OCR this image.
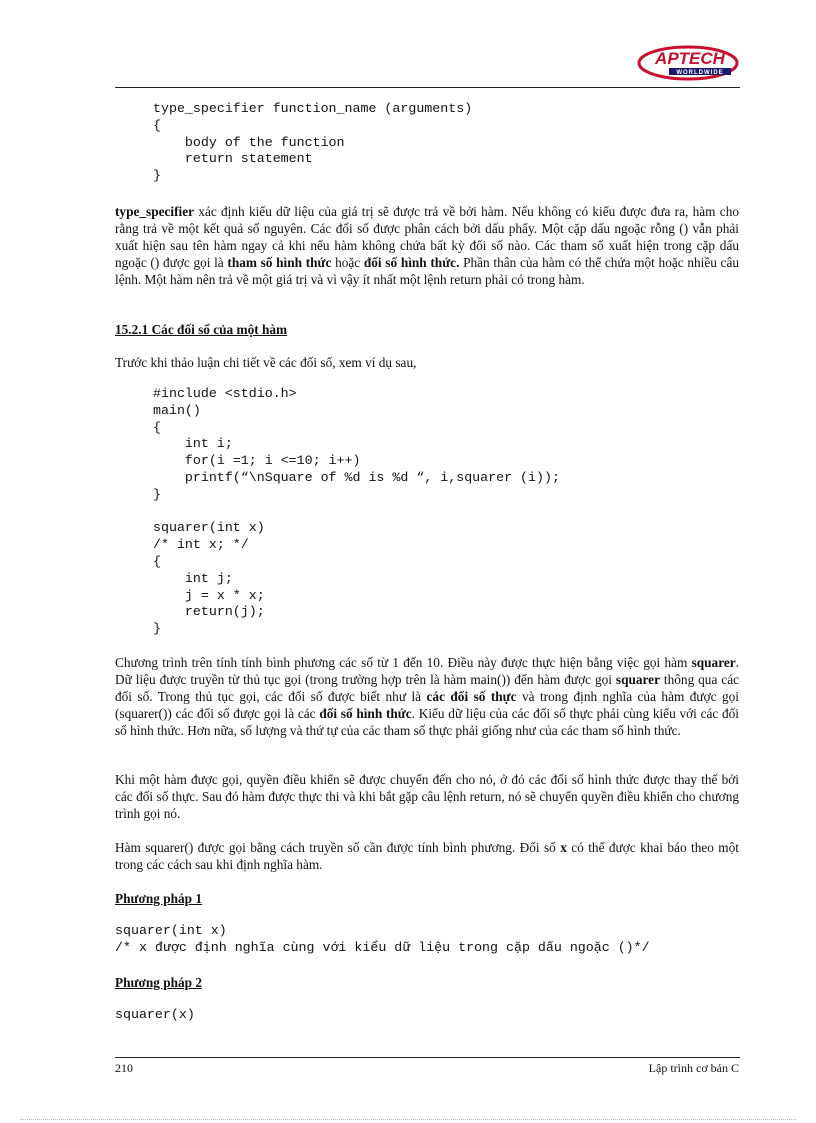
APTECH
WORLDWIDE
type_specifier function_name (arguments)
{
body of the function
return statement
}
type_specifier xác định kiểu dữ liệu của giá trị sẽ được trả về bởi hàm. Nếu không có kiểu được đưa ra, hàm cho rằng trả về một kết quả số nguyên. Các đối số được phân cách bởi dấu phẩy. Một cặp dấu ngoặc rỗng () vẫn phải xuất hiện sau tên hàm ngay cả khi nếu hàm không chứa bất kỳ đối số nào. Các tham số xuất hiện trong cặp dấu ngoặc () được gọi là tham số hình thức hoặc đối số hình thức. Phần thân của hàm có thể chứa một hoặc nhiều câu lệnh. Một hàm nên trả về một giá trị và vì vậy ít nhất một lệnh return phải có trong hàm.
15.2.1 Các đối số của một hàm
Trước khi thảo luận chi tiết về các đối số, xem ví dụ sau,
#include <stdio.h>
main()
{
int i;
for(i =1; i <=10; i++)
printf(“\nSquare of %d is %d “, i,squarer (i));
}

squarer(int x)
/* int x; */
{
int j;
j = x * x;
return(j);
}
Chương trình trên tính tính bình phương các số từ 1 đến 10. Điều này được thực hiện bằng việc gọi hàm squarer. Dữ liệu được truyền từ thủ tục gọi (trong trường hợp trên là hàm main()) đến hàm được gọi squarer thông qua các đối số. Trong thủ tục gọi, các đối số được biết như là các đối số thực và trong định nghĩa của hàm được gọi (squarer()) các đối số được gọi là các đối số hình thức. Kiểu dữ liệu của các đối số thực phải cùng kiểu với các đối số hình thức. Hơn nữa, số lượng và thứ tự của các tham số thực phải giống như của các tham số hình thức.
Khi một hàm được gọi, quyền điều khiển sẽ được chuyển đến cho nó, ở đó các đối số hình thức được thay thế bởi các đối số thực. Sau đó hàm được thực thi và khi bắt gặp câu lệnh return, nó sẽ chuyển quyền điều khiển cho chương trình gọi nó.
Hàm squarer() được gọi bằng cách truyền số cần được tính bình phương. Đối số x có thể được khai báo theo một trong các cách sau khi định nghĩa hàm.
Phương pháp 1
squarer(int x)
/* x được định nghĩa cùng với kiểu dữ liệu trong cặp dấu ngoặc ()*/
Phương pháp 2
squarer(x)
210	Lập trình cơ bản C
